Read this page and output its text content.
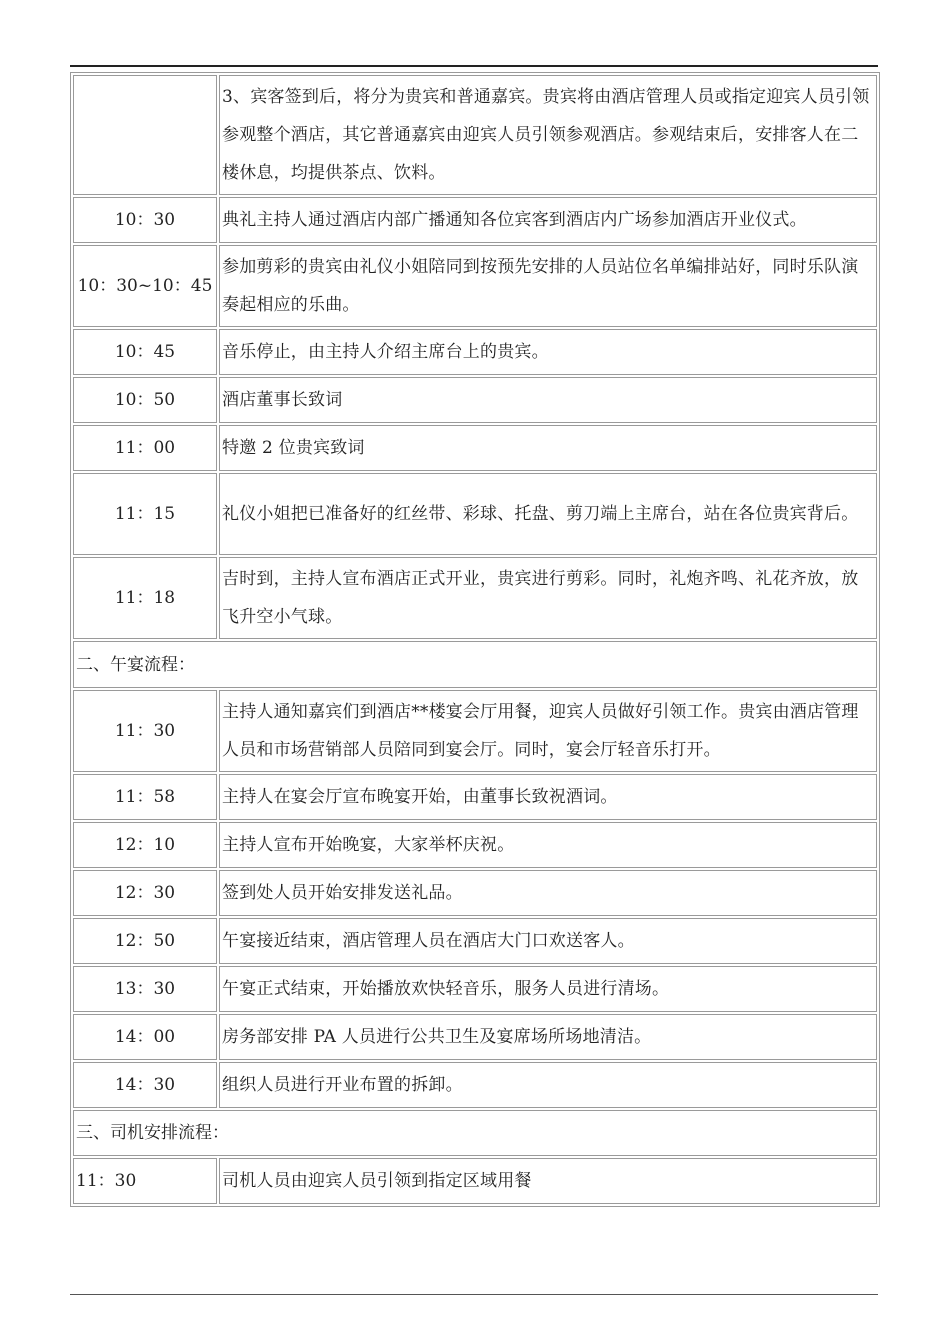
	3、宾客签到后，将分为贵宾和普通嘉宾。贵宾将由酒店管理人员或指定迎宾人员引领参观整个酒店，其它普通嘉宾由迎宾人员引领参观酒店。参观结束后，安排客人在二楼休息，均提供茶点、饮料。
10：30	典礼主持人通过酒店内部广播通知各位宾客到酒店内广场参加酒店开业仪式。
10：30~10：45	参加剪彩的贵宾由礼仪小姐陪同到按预先安排的人员站位名单编排站好，同时乐队演奏起相应的乐曲。
10：45	音乐停止，由主持人介绍主席台上的贵宾。
10：50	酒店董事长致词
11：00	特邀 2 位贵宾致词
11：15	礼仪小姐把已准备好的红丝带、彩球、托盘、剪刀端上主席台，站在各位贵宾背后。
11：18	吉时到，主持人宣布酒店正式开业，贵宾进行剪彩。同时，礼炮齐鸣、礼花齐放，放飞升空小气球。
二、午宴流程：	
11：30	主持人通知嘉宾们到酒店**楼宴会厅用餐，迎宾人员做好引领工作。贵宾由酒店管理人员和市场营销部人员陪同到宴会厅。同时，宴会厅轻音乐打开。
11：58	主持人在宴会厅宣布晚宴开始，由董事长致祝酒词。
12：10	主持人宣布开始晚宴，大家举杯庆祝。
12：30	签到处人员开始安排发送礼品。
12：50	午宴接近结束，酒店管理人员在酒店大门口欢送客人。
13：30	午宴正式结束，开始播放欢快轻音乐，服务人员进行清场。
14：00	房务部安排 PA 人员进行公共卫生及宴席场所场地清洁。
14：30	组织人员进行开业布置的拆卸。
三、司机安排流程：	
11：30	司机人员由迎宾人员引领到指定区域用餐
